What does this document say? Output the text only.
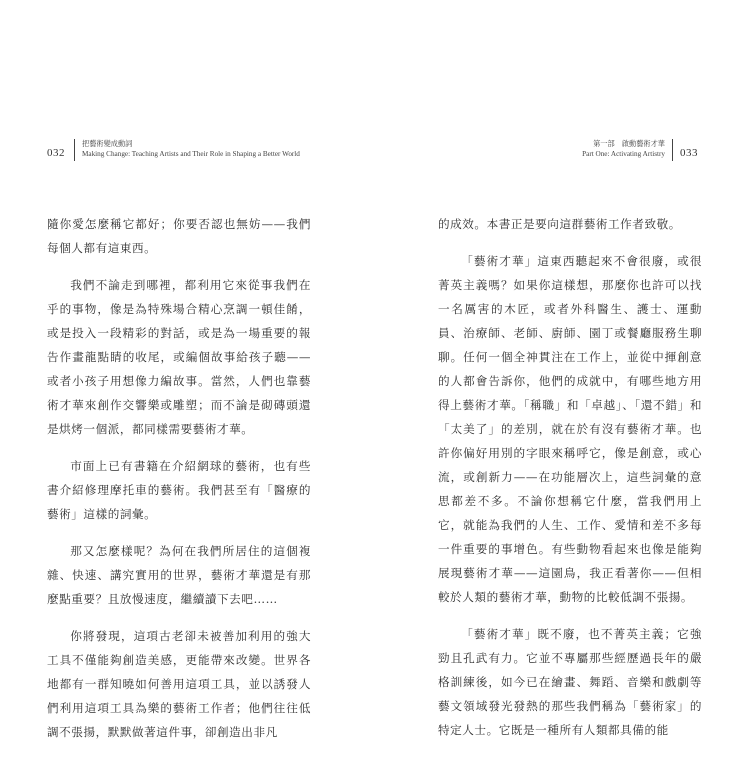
032
把藝術變成動詞
Making Change: Teaching Artists and Their Role in Shaping a Better World

隨你愛怎麼稱它都好；你要否認也無妨——我們每個人都有這東西。

我們不論走到哪裡，都利用它來從事我們在乎的事物，像是為特殊場合精心烹調一頓佳餚，或是投入一段精彩的對話，或是為一場重要的報告作畫龍點睛的收尾，或編個故事給孩子聽——或者小孩子用想像力編故事。當然，人們也靠藝術才華來創作交響樂或雕塑；而不論是砌磚頭還是烘烤一個派，都同樣需要藝術才華。

市面上已有書籍在介紹網球的藝術，也有些書介紹修理摩托車的藝術。我們甚至有「醫療的藝術」這樣的詞彙。

那又怎麼樣呢？為何在我們所居住的這個複雜、快速、講究實用的世界，藝術才華還是有那麼點重要？且放慢速度，繼續讀下去吧……

你將發現，這項古老卻未被善加利用的強大工具不僅能夠創造美感，更能帶來改變。世界各地都有一群知曉如何善用這項工具，並以誘發人們利用這項工具為樂的藝術工作者；他們往往低調不張揚，默默做著這件事，卻創造出非凡

第一部　啟動藝術才華
Part One: Activating Artistry 033

的成效。本書正是要向這群藝術工作者致敬。

「藝術才華」這東西聽起來不會很廢，或很菁英主義嗎？如果你這樣想，那麼你也許可以找一名厲害的木匠，或者外科醫生、護士、運動員、治療師、老師、廚師、園丁或餐廳服務生聊聊。任何一個全神貫注在工作上，並從中揮創意的人都會告訴你，他們的成就中，有哪些地方用得上藝術才華。「稱職」和「卓越」、「還不錯」和「太美了」的差別，就在於有沒有藝術才華。也許你偏好用別的字眼來稱呼它，像是創意，或心流，或創新力——在功能層次上，這些詞彙的意思都差不多。不論你想稱它什麼，當我們用上它，就能為我們的人生、工作、愛情和差不多每一件重要的事增色。有些動物看起來也像是能夠展現藝術才華——這園鳥，我正看著你——但相較於人類的藝術才華，動物的比較低調不張揚。

「藝術才華」既不廢，也不菁英主義；它強勁且孔武有力。它並不專屬那些經歷過長年的嚴格訓練後，如今已在繪畫、舞蹈、音樂和戲劇等藝文領域發光發熱的那些我們稱為「藝術家」的特定人士。它既是一種所有人類都具備的能
